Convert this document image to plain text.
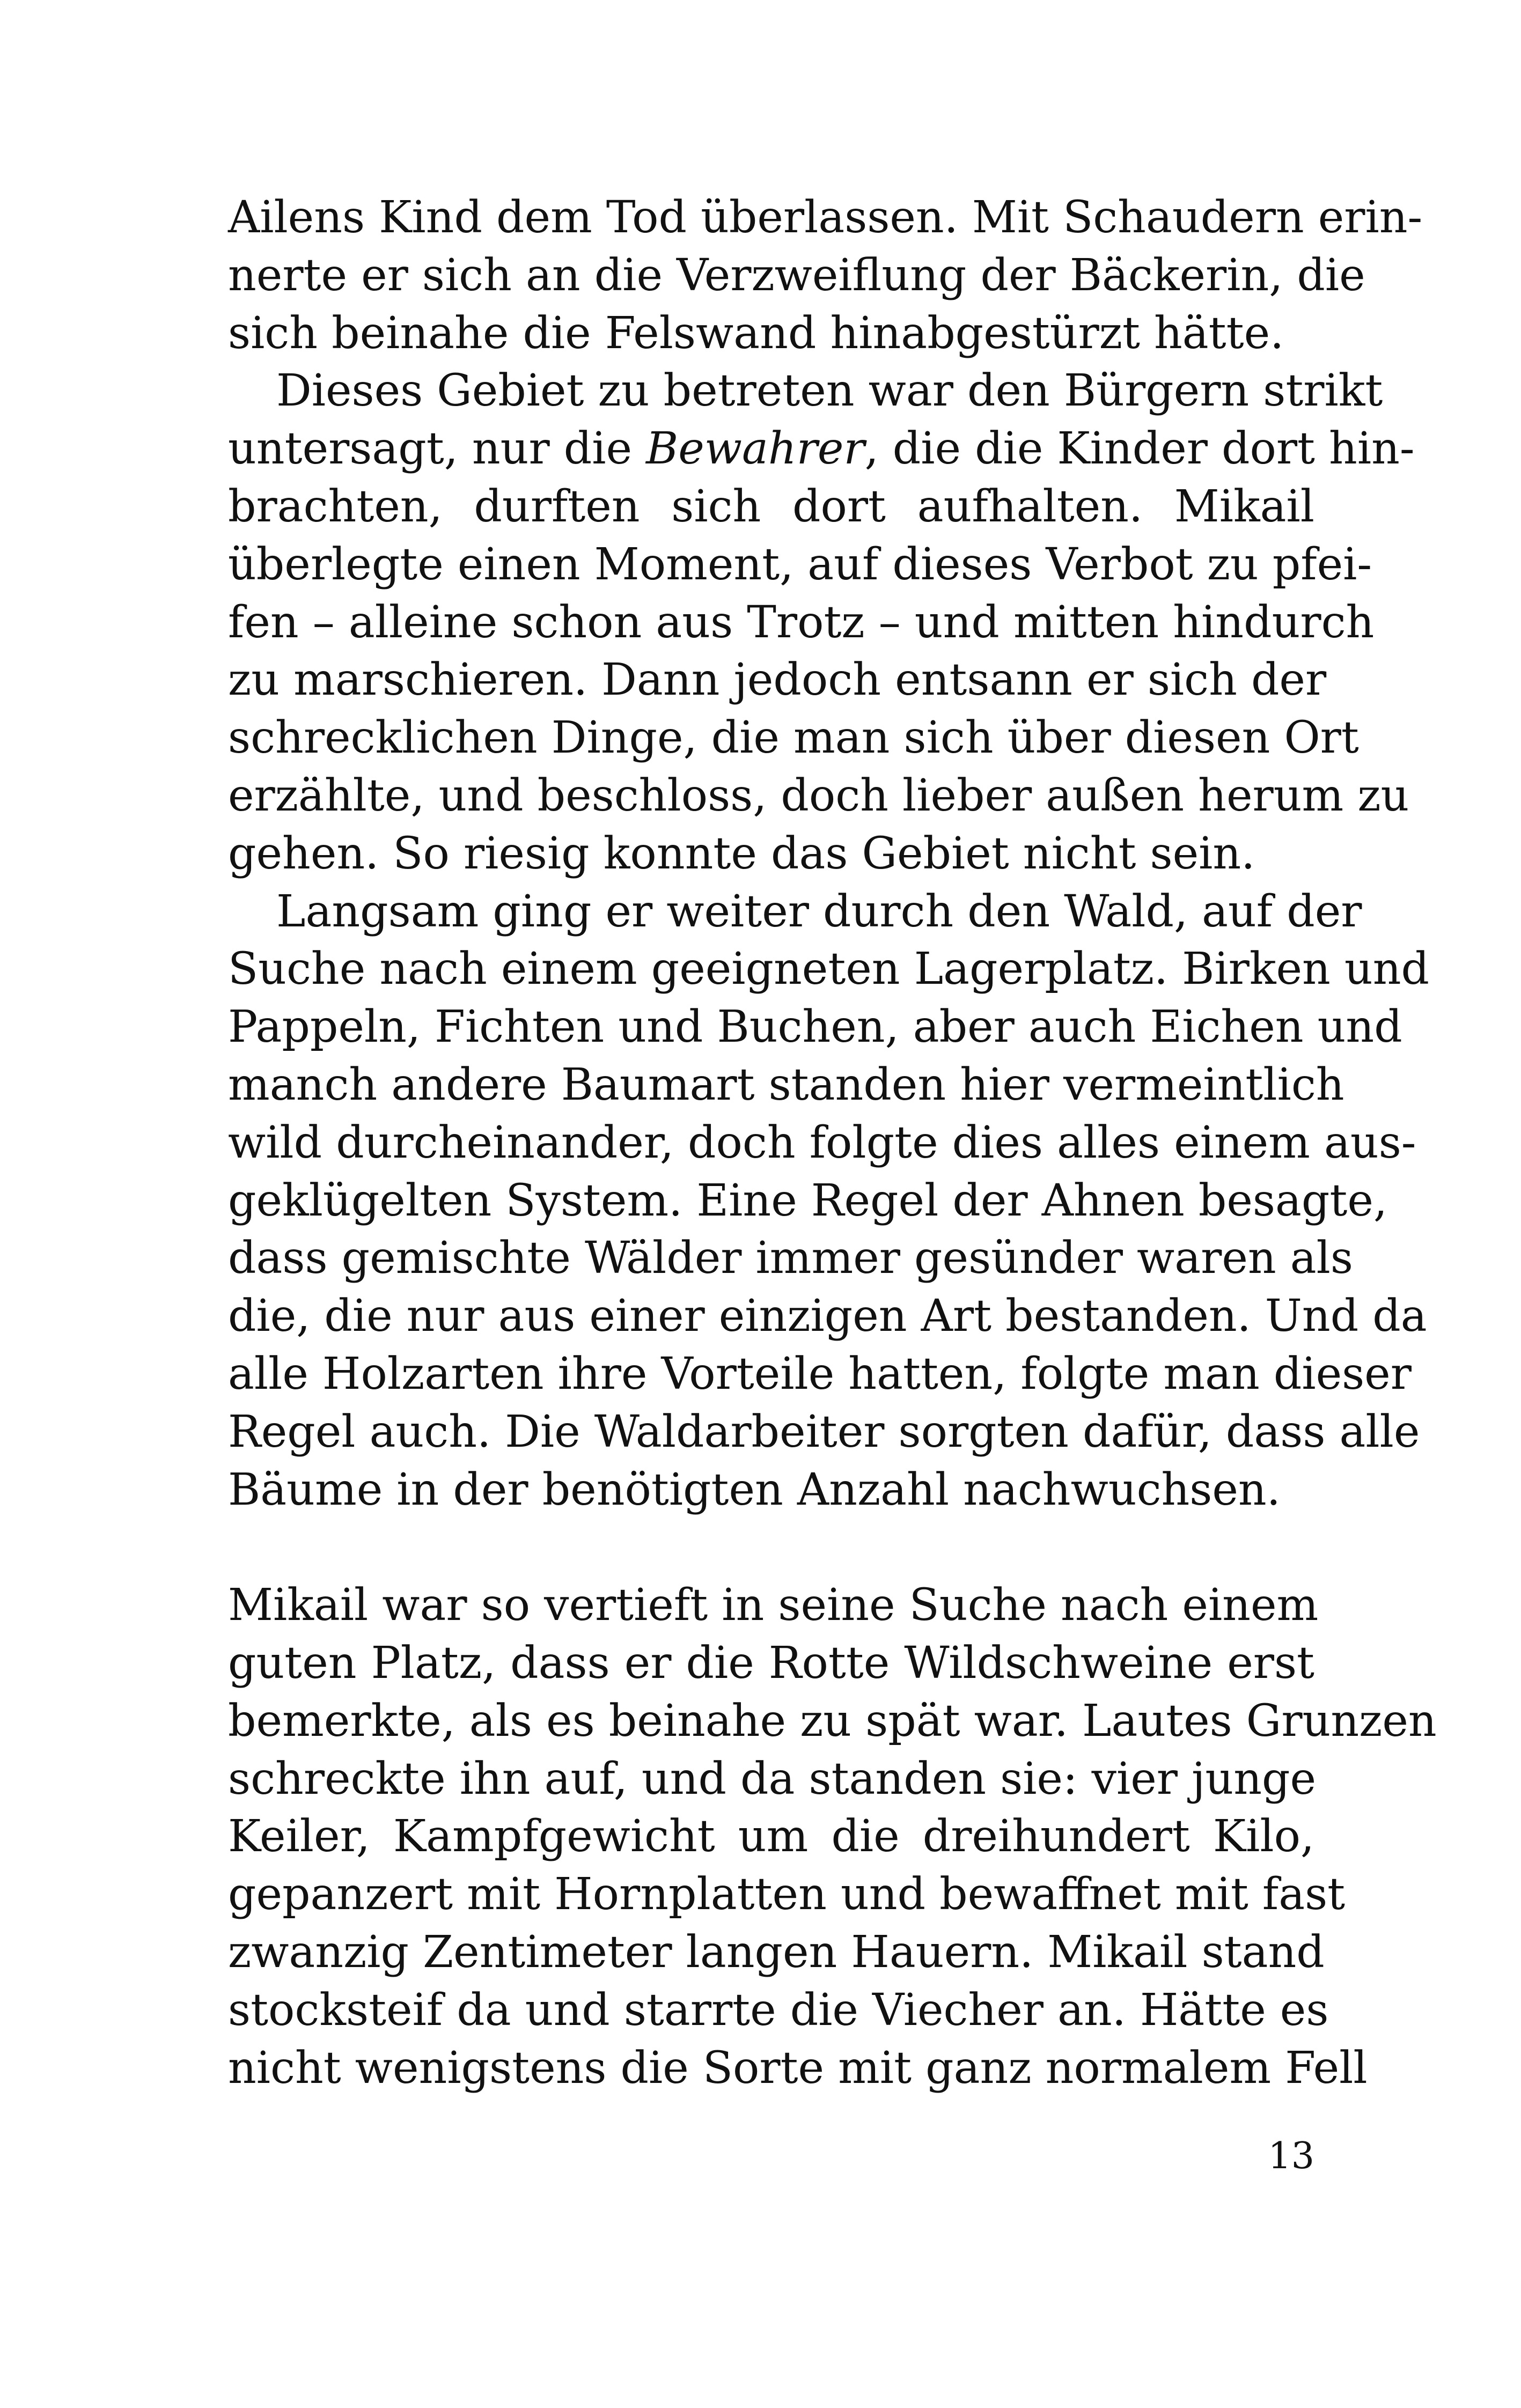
Ailens Kind dem Tod überlassen. Mit Schaudern erin-
nerte er sich an die Verzweiflung der Bäckerin, die
sich beinahe die Felswand hinabgestürzt hätte.
Dieses Gebiet zu betreten war den Bürgern strikt
untersagt, nur die Bewahrer, die die Kinder dort hin-
brachten, durften sich dort aufhalten. Mikail
überlegte einen Moment, auf dieses Verbot zu pfei-
fen – alleine schon aus Trotz – und mitten hindurch
zu marschieren. Dann jedoch entsann er sich der
schrecklichen Dinge, die man sich über diesen Ort
erzählte, und beschloss, doch lieber außen herum zu
gehen. So riesig konnte das Gebiet nicht sein.
Langsam ging er weiter durch den Wald, auf der
Suche nach einem geeigneten Lagerplatz. Birken und
Pappeln, Fichten und Buchen, aber auch Eichen und
manch andere Baumart standen hier vermeintlich
wild durcheinander, doch folgte dies alles einem aus-
geklügelten System. Eine Regel der Ahnen besagte,
dass gemischte Wälder immer gesünder waren als
die, die nur aus einer einzigen Art bestanden. Und da
alle Holzarten ihre Vorteile hatten, folgte man dieser
Regel auch. Die Waldarbeiter sorgten dafür, dass alle
Bäume in der benötigten Anzahl nachwuchsen.
Mikail war so vertieft in seine Suche nach einem
guten Platz, dass er die Rotte Wildschweine erst
bemerkte, als es beinahe zu spät war. Lautes Grunzen
schreckte ihn auf, und da standen sie: vier junge
Keiler, Kampfgewicht um die dreihundert Kilo,
gepanzert mit Hornplatten und bewaffnet mit fast
zwanzig Zentimeter langen Hauern. Mikail stand
stocksteif da und starrte die Viecher an. Hätte es
nicht wenigstens die Sorte mit ganz normalem Fell
13
